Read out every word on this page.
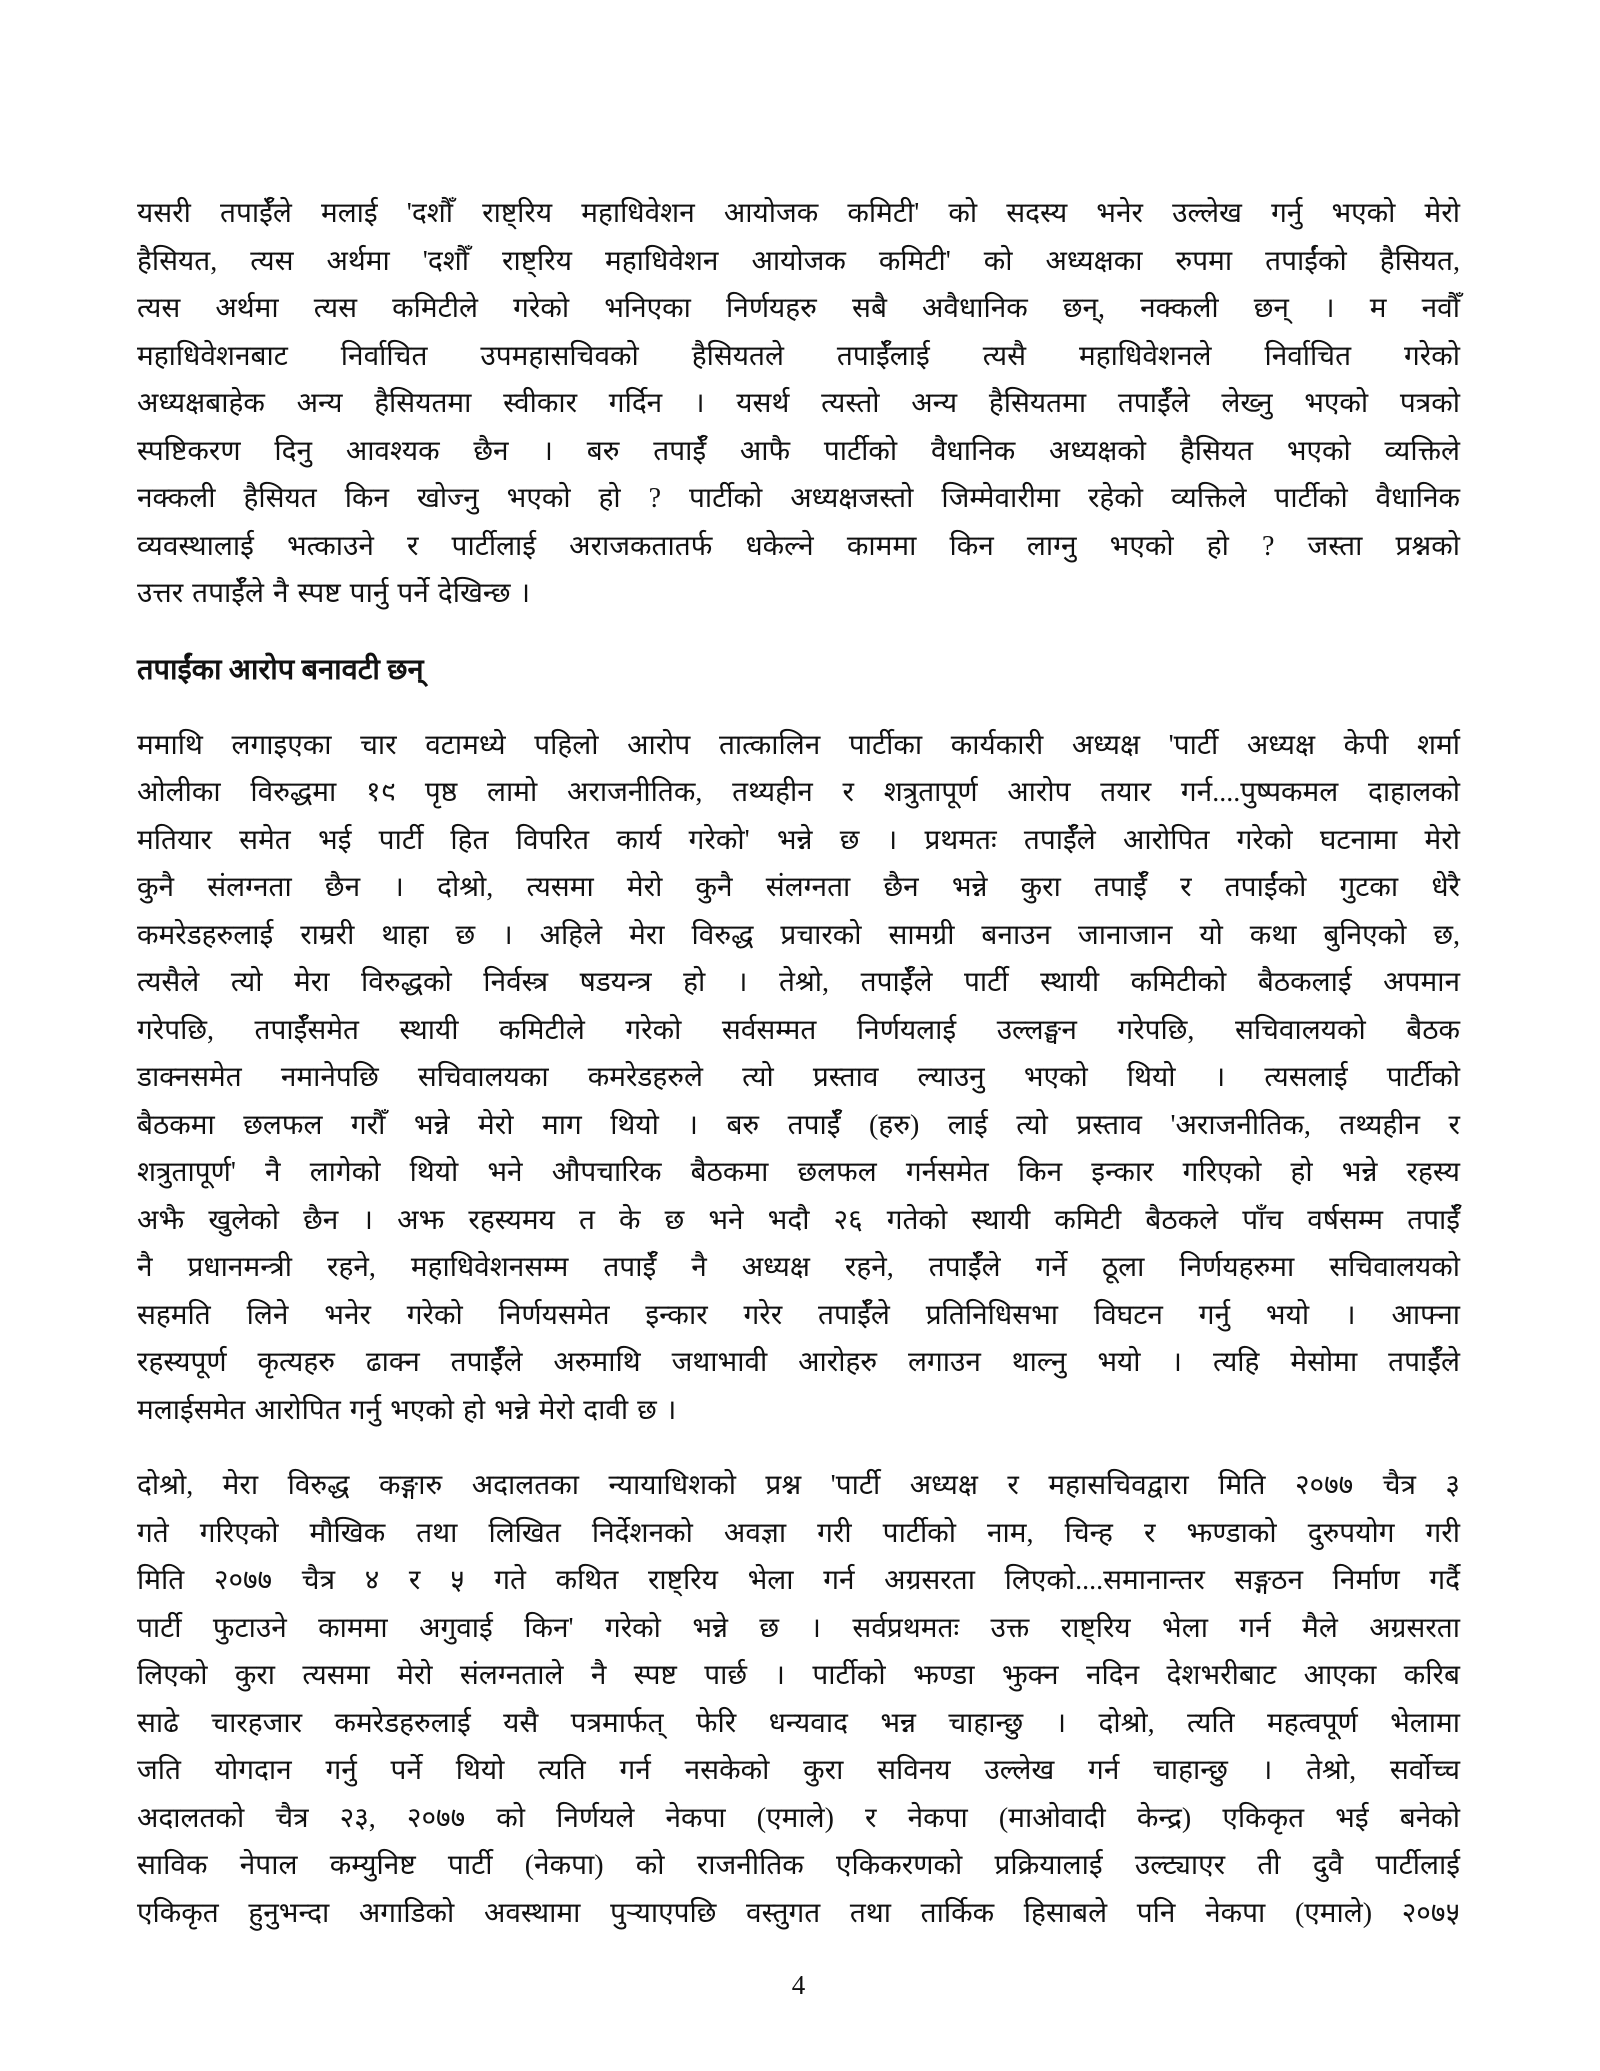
यसरी तपाईँले मलाई 'दशौँ राष्ट्रिय महाधिवेशन आयोजक कमिटी' को सदस्य भनेर उल्लेख गर्नु भएको मेरो
हैसियत, त्यस अर्थमा 'दशौँ राष्ट्रिय महाधिवेशन आयोजक कमिटी' को अध्यक्षका रुपमा तपाईंको हैसियत,
त्यस अर्थमा त्यस कमिटीले गरेको भनिएका निर्णयहरु सबै अवैधानिक छन्, नक्कली छन् । म नवौँ
महाधिवेशनबाट निर्वाचित उपमहासचिवको हैसियतले तपाईँलाई त्यसै महाधिवेशनले निर्वाचित गरेको
अध्यक्षबाहेक अन्य हैसियतमा स्वीकार गर्दिन । यसर्थ त्यस्तो अन्य हैसियतमा तपाईँले लेख्नु भएको पत्रको
स्पष्टिकरण दिनु आवश्यक छैन । बरु तपाईँ आफै पार्टीको वैधानिक अध्यक्षको हैसियत भएको व्यक्तिले
नक्कली हैसियत किन खोज्नु भएको हो ? पार्टीको अध्यक्षजस्तो जिम्मेवारीमा रहेको व्यक्तिले पार्टीको वैधानिक
व्यवस्थालाई भत्काउने र पार्टीलाई अराजकतातर्फ धकेल्ने काममा किन लाग्नु भएको हो ? जस्ता प्रश्नको
उत्तर तपाईँले नै स्पष्ट पार्नु पर्ने देखिन्छ ।
तपाईंका आरोप बनावटी छन्
ममाथि लगाइएका चार वटामध्ये पहिलो आरोप तात्कालिन पार्टीका कार्यकारी अध्यक्ष 'पार्टी अध्यक्ष केपी शर्मा
ओलीका विरुद्धमा १९ पृष्ठ लामो अराजनीतिक, तथ्यहीन र शत्रुतापूर्ण आरोप तयार गर्न....पुष्पकमल दाहालको
मतियार समेत भई पार्टी हित विपरित कार्य गरेको' भन्ने छ । प्रथमतः तपाईँले आरोपित गरेको घटनामा मेरो
कुनै संलग्नता छैन । दोश्रो, त्यसमा मेरो कुनै संलग्नता छैन भन्ने कुरा तपाईँ र तपाईंको गुटका धेरै
कमरेडहरुलाई राम्ररी थाहा छ । अहिले मेरा विरुद्ध प्रचारको सामग्री बनाउन जानाजान यो कथा बुनिएको छ,
त्यसैले त्यो मेरा विरुद्धको निर्वस्त्र षडयन्त्र हो । तेश्रो, तपाईँले पार्टी स्थायी कमिटीको बैठकलाई अपमान
गरेपछि, तपाईँसमेत स्थायी कमिटीले गरेको सर्वसम्मत निर्णयलाई उल्लङ्घन गरेपछि, सचिवालयको बैठक
डाक्नसमेत नमानेपछि सचिवालयका कमरेडहरुले त्यो प्रस्ताव ल्याउनु भएको थियो । त्यसलाई पार्टीको
बैठकमा छलफल गरौँ भन्ने मेरो माग थियो । बरु तपाईँ (हरु) लाई त्यो प्रस्ताव 'अराजनीतिक, तथ्यहीन र
शत्रुतापूर्ण' नै लागेको थियो भने औपचारिक बैठकमा छलफल गर्नसमेत किन इन्कार गरिएको हो भन्ने रहस्य
अझै खुलेको छैन । अझ रहस्यमय त के छ भने भदौ २६ गतेको स्थायी कमिटी बैठकले पाँच वर्षसम्म तपाईँ
नै प्रधानमन्त्री रहने, महाधिवेशनसम्म तपाईँ नै अध्यक्ष रहने, तपाईँले गर्ने ठूला निर्णयहरुमा सचिवालयको
सहमति लिने भनेर गरेको निर्णयसमेत इन्कार गरेर तपाईँले प्रतिनिधिसभा विघटन गर्नु भयो । आफ्ना
रहस्यपूर्ण कृत्यहरु ढाक्न तपाईँले अरुमाथि जथाभावी आरोहरु लगाउन थाल्नु भयो । त्यहि मेसोमा तपाईँले
मलाईसमेत आरोपित गर्नु भएको हो भन्ने मेरो दावी छ ।
दोश्रो, मेरा विरुद्ध कङ्गारु अदालतका न्यायाधिशको प्रश्न 'पार्टी अध्यक्ष र महासचिवद्वारा मिति २०७७ चैत्र ३
गते गरिएको मौखिक तथा लिखित निर्देशनको अवज्ञा गरी पार्टीको नाम, चिन्ह र झण्डाको दुरुपयोग गरी
मिति २०७७ चैत्र ४ र ५ गते कथित राष्ट्रिय भेला गर्न अग्रसरता लिएको....समानान्तर सङ्गठन निर्माण गर्दै
पार्टी फुटाउने काममा अगुवाई किन' गरेको भन्ने छ । सर्वप्रथमतः उक्त राष्ट्रिय भेला गर्न मैले अग्रसरता
लिएको कुरा त्यसमा मेरो संलग्नताले नै स्पष्ट पार्छ । पार्टीको झण्डा झुक्न नदिन देशभरीबाट आएका करिब
साढे चारहजार कमरेडहरुलाई यसै पत्रमार्फत् फेरि धन्यवाद भन्न चाहान्छु । दोश्रो, त्यति महत्वपूर्ण भेलामा
जति योगदान गर्नु पर्ने थियो त्यति गर्न नसकेको कुरा सविनय उल्लेख गर्न चाहान्छु । तेश्रो, सर्वोच्च
अदालतको चैत्र २३, २०७७ को निर्णयले नेकपा (एमाले) र नेकपा (माओवादी केन्द्र) एकिकृत भई बनेको
साविक नेपाल कम्युनिष्ट पार्टी (नेकपा) को राजनीतिक एकिकरणको प्रक्रियालाई उल्ट्याएर ती दुवै पार्टीलाई
एकिकृत हुनुभन्दा अगाडिको अवस्थामा पुऱ्याएपछि वस्तुगत तथा तार्किक हिसाबले पनि नेकपा (एमाले) २०७५
4
